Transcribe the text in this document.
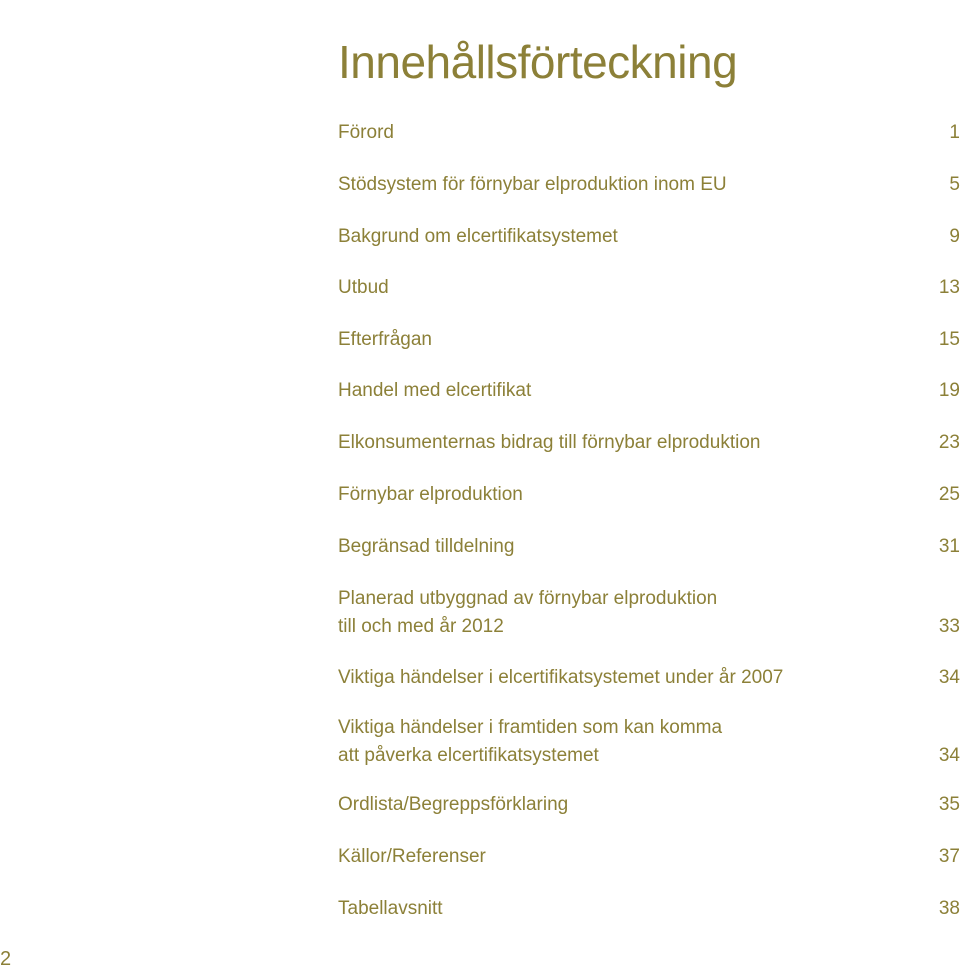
Innehållsförteckning
Förord	1
Stödsystem för förnybar elproduktion inom EU	5
Bakgrund om elcertifikatsystemet	9
Utbud	13
Efterfrågan	15
Handel med elcertifikat	19
Elkonsumenternas bidrag till förnybar elproduktion	23
Förnybar elproduktion	25
Begränsad tilldelning	31
Planerad utbyggnad av förnybar elproduktion
till och med år 2012	33
Viktiga händelser i elcertifikatsystemet under år 2007	34
Viktiga händelser i framtiden som kan komma
att påverka elcertifikatsystemet	34
Ordlista/Begreppsförklaring	35
Källor/Referenser	37
Tabellavsnitt	38
2
